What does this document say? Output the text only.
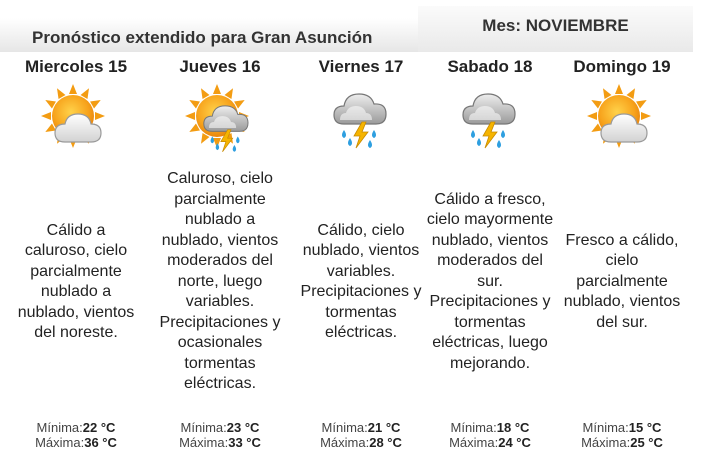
Pronóstico extendido para Gran Asunción
Mes: NOVIEMBRE
Miercoles 15
Cálido a caluroso, cielo parcialmente nublado a nublado, vientos del noreste.
Mínima:22 °C
Máxima:36 °C
Jueves 16
Caluroso, cielo parcialmente nublado a nublado, vientos moderados del norte, luego variables. Precipitaciones y ocasionales tormentas eléctricas.
Mínima:23 °C
Máxima:33 °C
Viernes 17
Cálido, cielo nublado, vientos variables. Precipitaciones y tormentas eléctricas.
Mínima:21 °C
Máxima:28 °C
Sabado 18
Cálido a fresco, cielo mayormente nublado, vientos moderados del sur. Precipitaciones y tormentas eléctricas, luego mejorando.
Mínima:18 °C
Máxima:24 °C
Domingo 19
Fresco a cálido, cielo parcialmente nublado, vientos del sur.
Mínima:15 °C
Máxima:25 °C
